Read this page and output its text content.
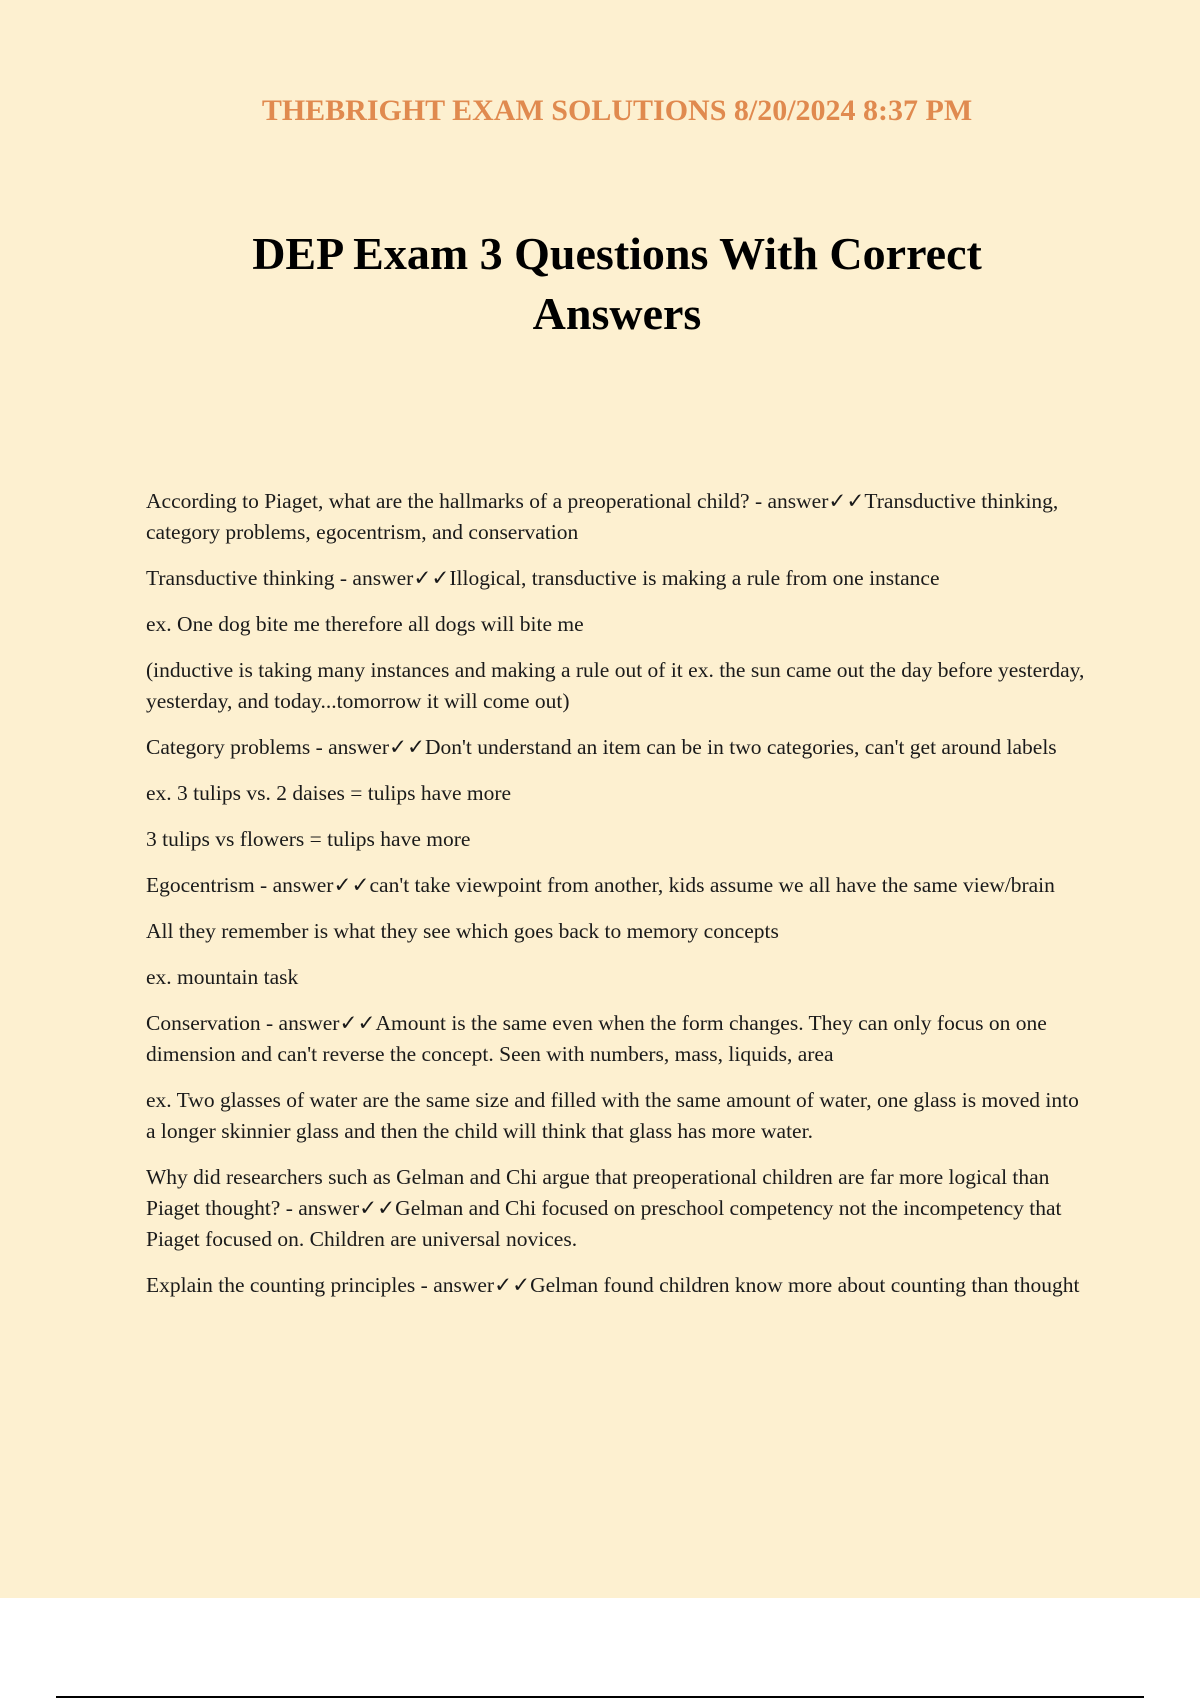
THEBRIGHT EXAM SOLUTIONS 8/20/2024 8:37 PM
DEP Exam 3 Questions With Correct
Answers

According to Piaget, what are the hallmarks of a preoperational child? - answer✓✓Transductive thinking, category problems, egocentrism, and conservation

Transductive thinking - answer✓✓Illogical, transductive is making a rule from one instance

ex. One dog bite me therefore all dogs will bite me

(inductive is taking many instances and making a rule out of it ex. the sun came out the day before yesterday, yesterday, and today...tomorrow it will come out)

Category problems - answer✓✓Don't understand an item can be in two categories, can't get around labels

ex. 3 tulips vs. 2 daises = tulips have more

3 tulips vs flowers = tulips have more

Egocentrism - answer✓✓can't take viewpoint from another, kids assume we all have the same view/brain

All they remember is what they see which goes back to memory concepts

ex. mountain task

Conservation - answer✓✓Amount is the same even when the form changes. They can only focus on one dimension and can't reverse the concept. Seen with numbers, mass, liquids, area

ex. Two glasses of water are the same size and filled with the same amount of water, one glass is moved into a longer skinnier glass and then the child will think that glass has more water.

Why did researchers such as Gelman and Chi argue that preoperational children are far more logical than Piaget thought? - answer✓✓Gelman and Chi focused on preschool competency not the incompetency that Piaget focused on. Children are universal novices.

Explain the counting principles - answer✓✓Gelman found children know more about counting than thought
